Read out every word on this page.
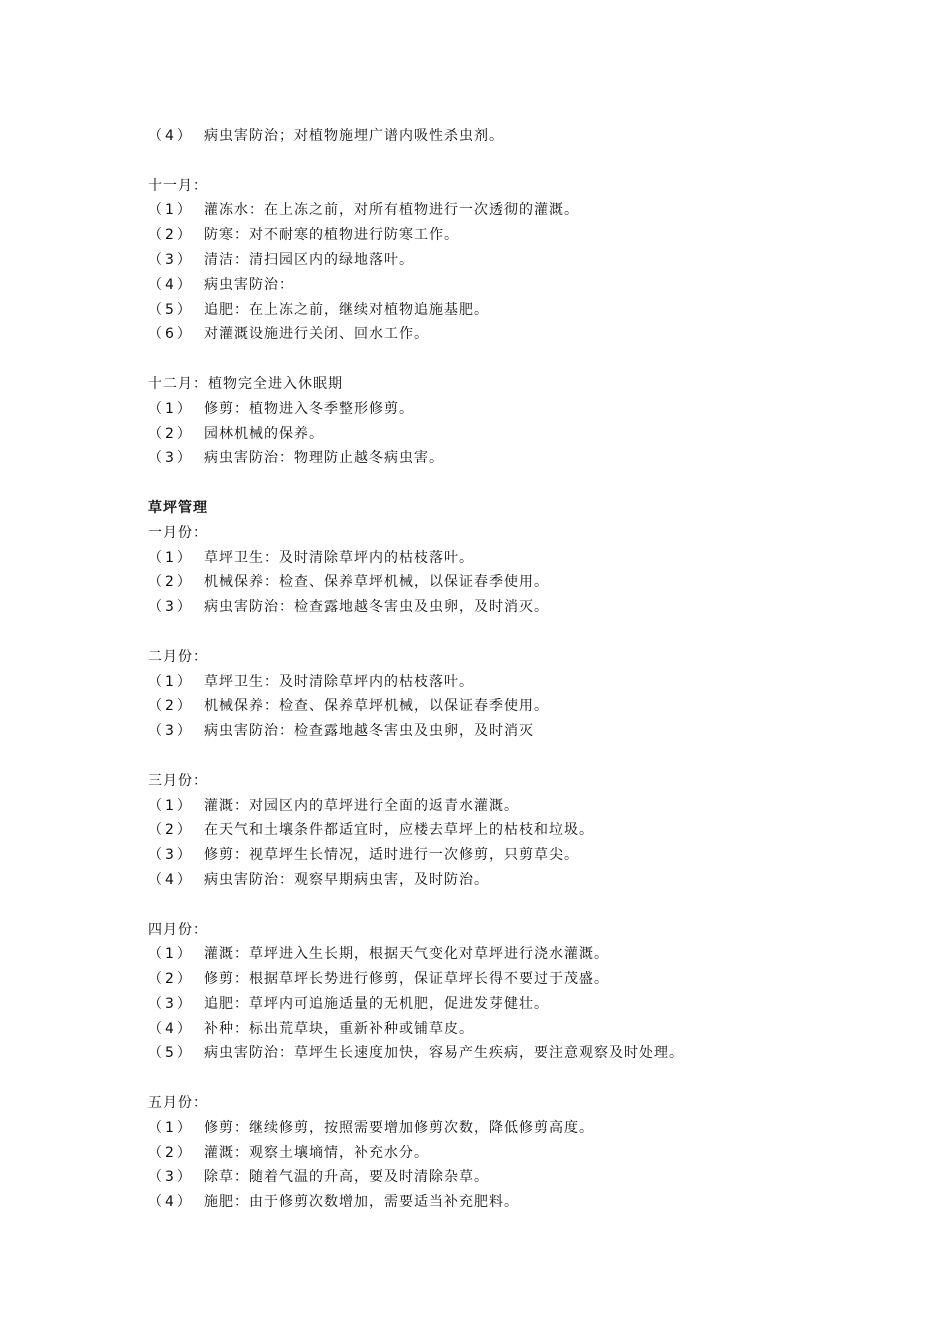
（4） 病虫害防治；对植物施埋广谱内吸性杀虫剂。
十一月：
（1） 灌冻水：在上冻之前，对所有植物进行一次透彻的灌溉。
（2） 防寒：对不耐寒的植物进行防寒工作。
（3） 清洁：清扫园区内的绿地落叶。
（4） 病虫害防治：
（5） 追肥：在上冻之前，继续对植物追施基肥。
（6） 对灌溉设施进行关闭、回水工作。
十二月：植物完全进入休眠期
（1） 修剪：植物进入冬季整形修剪。
（2） 园林机械的保养。
（3） 病虫害防治：物理防止越冬病虫害。
草坪管理
一月份：
（1） 草坪卫生：及时清除草坪内的枯枝落叶。
（2） 机械保养：检查、保养草坪机械，以保证春季使用。
（3） 病虫害防治：检查露地越冬害虫及虫卵，及时消灭。
二月份：
（1） 草坪卫生：及时清除草坪内的枯枝落叶。
（2） 机械保养：检查、保养草坪机械，以保证春季使用。
（3） 病虫害防治：检查露地越冬害虫及虫卵，及时消灭
三月份：
（1） 灌溉：对园区内的草坪进行全面的返青水灌溉。
（2） 在天气和土壤条件都适宜时，应楼去草坪上的枯枝和垃圾。
（3） 修剪：视草坪生长情况，适时进行一次修剪，只剪草尖。
（4） 病虫害防治：观察早期病虫害，及时防治。
四月份：
（1） 灌溉：草坪进入生长期，根据天气变化对草坪进行浇水灌溉。
（2） 修剪：根据草坪长势进行修剪，保证草坪长得不要过于茂盛。
（3） 追肥：草坪内可追施适量的无机肥，促进发芽健壮。
（4） 补种：标出荒草块，重新补种或铺草皮。
（5） 病虫害防治：草坪生长速度加快，容易产生疾病，要注意观察及时处理。
五月份：
（1） 修剪：继续修剪，按照需要增加修剪次数，降低修剪高度。
（2） 灌溉：观察土壤墒情，补充水分。
（3） 除草：随着气温的升高，要及时清除杂草。
（4） 施肥：由于修剪次数增加，需要适当补充肥料。
